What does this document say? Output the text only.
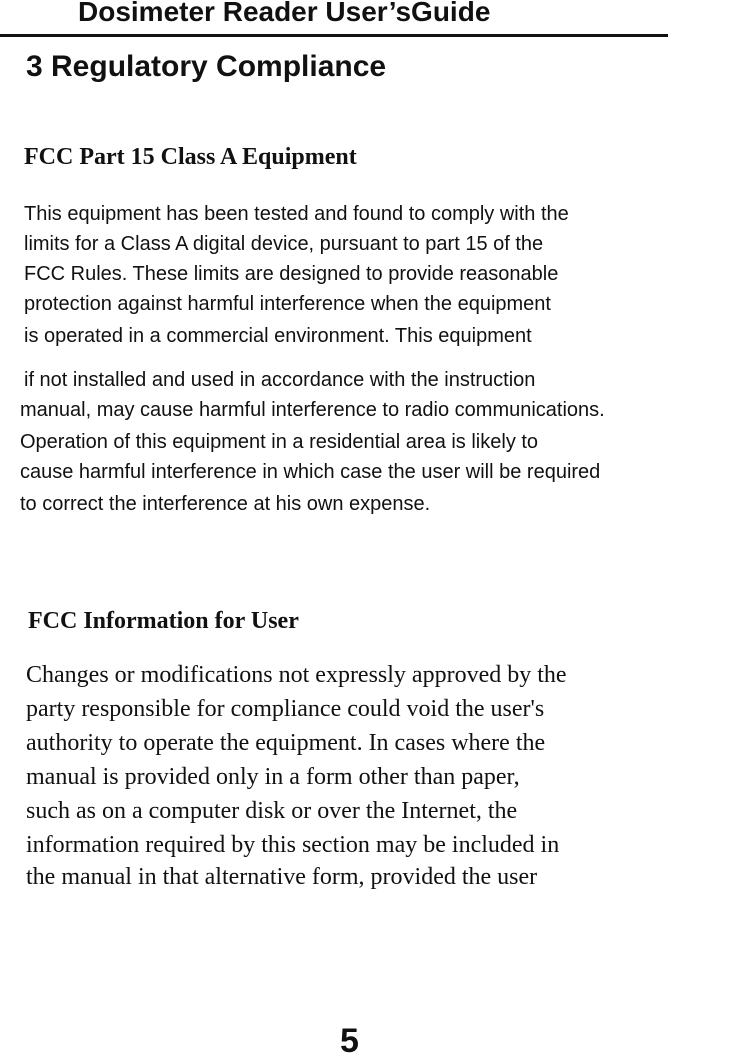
Dosimeter Reader User’sGuide
3 Regulatory Compliance
FCC Part 15 Class A Equipment
This equipment has been tested and found to comply with the
limits for a Class A digital device, pursuant to part 15 of the
FCC Rules. These limits are designed to provide reasonable
protection against harmful interference when the equipment
is operated in a commercial environment. This equipment
if not installed and used in accordance with the instruction
manual, may cause harmful interference to radio communications.
Operation of this equipment in a residential area is likely to
cause harmful interference in which case the user will be required
to correct the interference at his own expense.
FCC Information for User
Changes or modifications not expressly approved by the
party responsible for compliance could void the user's
authority to operate the equipment. In cases where the
manual is provided only in a form other than paper,
such as on a computer disk or over the Internet, the
information required by this section may be included in
the manual in that alternative form, provided the user
5
